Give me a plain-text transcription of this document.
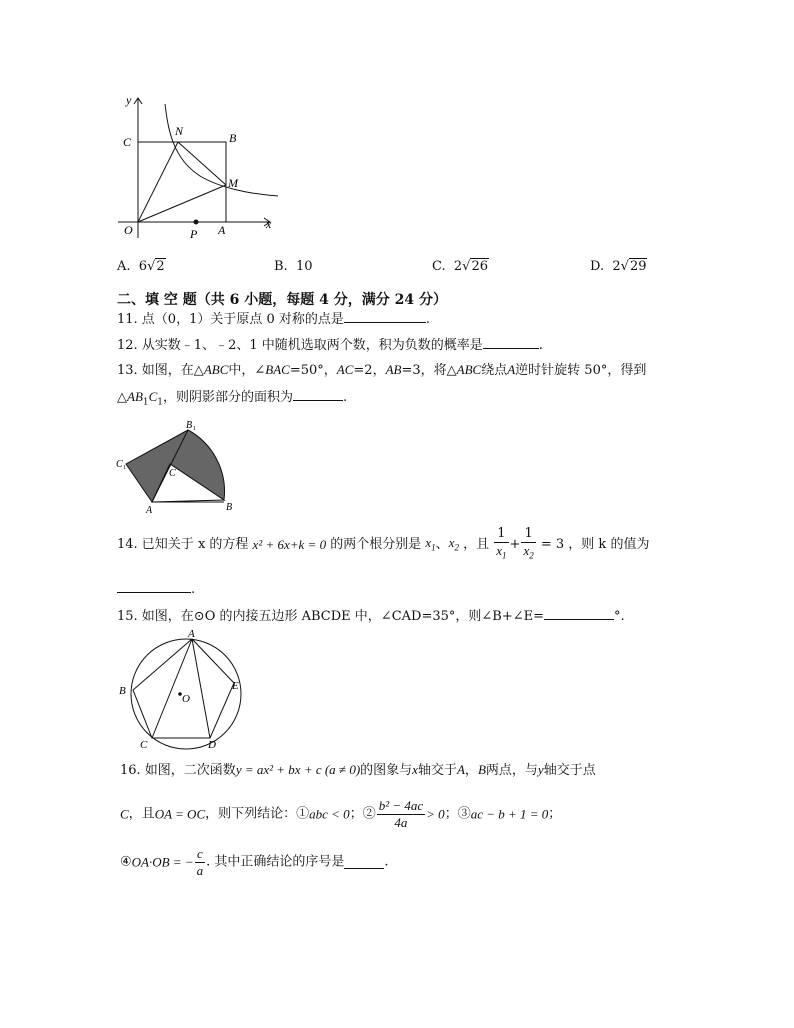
y
x
C
N	B
M
O	P A
A. 6√2	B. 10	C. 2√26	D. 2√29
二、填 空 题（共 6 小题，每题 4 分，满分 24 分）
11. 点（0，1）关于原点 0 对称的点是	.
12. 从实数﹣1、﹣2、1 中随机选取两个数，积为负数的概率是	.
13. 如图，在△ABC中，∠BAC=50°，AC=2，AB=3，将△ABC绕点A逆时针旋转 50°，得到
$\triangle AB_1C_1$，则阴影部分的面积为	.
B 1
C 1	C
A	B
14. 已知关于 x 的方程 x² + 6x+k = 0 的两个根分别是 $x_1$、$x_2$ ，且 $\frac{1}{x_1} + \frac{1}{x_2} = 3$ ，则 k 的值为
.
15. 如图，在⊙O 的内接五边形 ABCDE 中，∠CAD=35°，则∠B+∠E=	°.
A
B
C	D
E
O
16. 如图，二次函数y = ax² + bx + c (a ≠ 0)的图象与x轴交于A，B两点，与y轴交于点
C，且OA = OC，则下列结论：①abc < 0；② $\frac{\text{b² − 4ac}}{4a} > 0$；③ac − b + 1 = 0；
④OA·OB = − $\frac{c}{a}$ . 其中正确结论的序号是	.
